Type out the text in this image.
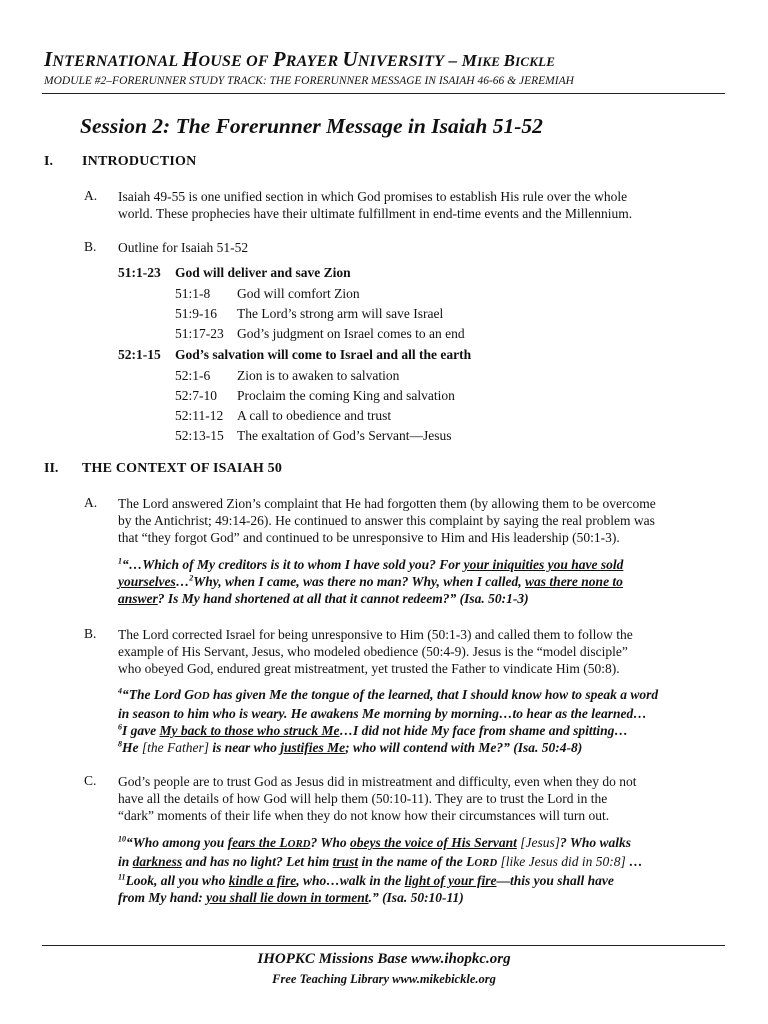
INTERNATIONAL HOUSE OF PRAYER UNIVERSITY – MIKE BICKLE
MODULE #2–FORERUNNER STUDY TRACK: THE FORERUNNER MESSAGE IN ISAIAH 46-66 & JEREMIAH
Session 2: The Forerunner Message in Isaiah 51-52
I. INTRODUCTION
A. Isaiah 49-55 is one unified section in which God promises to establish His rule over the whole
world. These prophecies have their ultimate fulfillment in end-time events and the Millennium.
B. Outline for Isaiah 51-52
51:1-23 God will deliver and save Zion
51:1-8 God will comfort Zion
51:9-16 The Lord’s strong arm will save Israel
51:17-23 God’s judgment on Israel comes to an end
52:1-15 God’s salvation will come to Israel and all the earth
52:1-6 Zion is to awaken to salvation
52:7-10 Proclaim the coming King and salvation
52:11-12 A call to obedience and trust
52:13-15 The exaltation of God’s Servant—Jesus
II. THE CONTEXT OF ISAIAH 50
A. The Lord answered Zion’s complaint that He had forgotten them (by allowing them to be overcome
by the Antichrist; 49:14-26). He continued to answer this complaint by saying the real problem was
that “they forgot God” and continued to be unresponsive to Him and His leadership (50:1-3).
$^1$“…Which of My creditors is it to whom I have sold you? For your iniquities you have sold
yourselves…$^2$Why, when I came, was there no man? Why, when I called, was there none to
answer? Is My hand shortened at all that it cannot redeem?” (Isa. 50:1-3)
B. The Lord corrected Israel for being unresponsive to Him (50:1-3) and called them to follow the
example of His Servant, Jesus, who modeled obedience (50:4-9). Jesus is the “model disciple”
who obeyed God, endured great mistreatment, yet trusted the Father to vindicate Him (50:8).
$^4$“The Lord GOD has given Me the tongue of the learned, that I should know how to speak a word
in season to him who is weary. He awakens Me morning by morning…to hear as the learned…
$^6$I gave My back to those who struck Me…I did not hide My face from shame and spitting…
$^8$He [the Father] is near who justifies Me; who will contend with Me?” (Isa. 50:4-8)
C. God’s people are to trust God as Jesus did in mistreatment and difficulty, even when they do not
have all the details of how God will help them (50:10-11). They are to trust the Lord in the
“dark” moments of their life when they do not know how their circumstances will turn out.
$^{10}$“Who among you fears the LORD? Who obeys the voice of His Servant [Jesus]? Who walks
in darkness and has no light? Let him trust in the name of the LORD [like Jesus did in 50:8] …
$^{11}$Look, all you who kindle a fire, who…walk in the light of your fire—this you shall have
from My hand: you shall lie down in torment.” (Isa. 50:10-11)
IHOPKC Missions Base www.ihopkc.org
Free Teaching Library www.mikebickle.org
